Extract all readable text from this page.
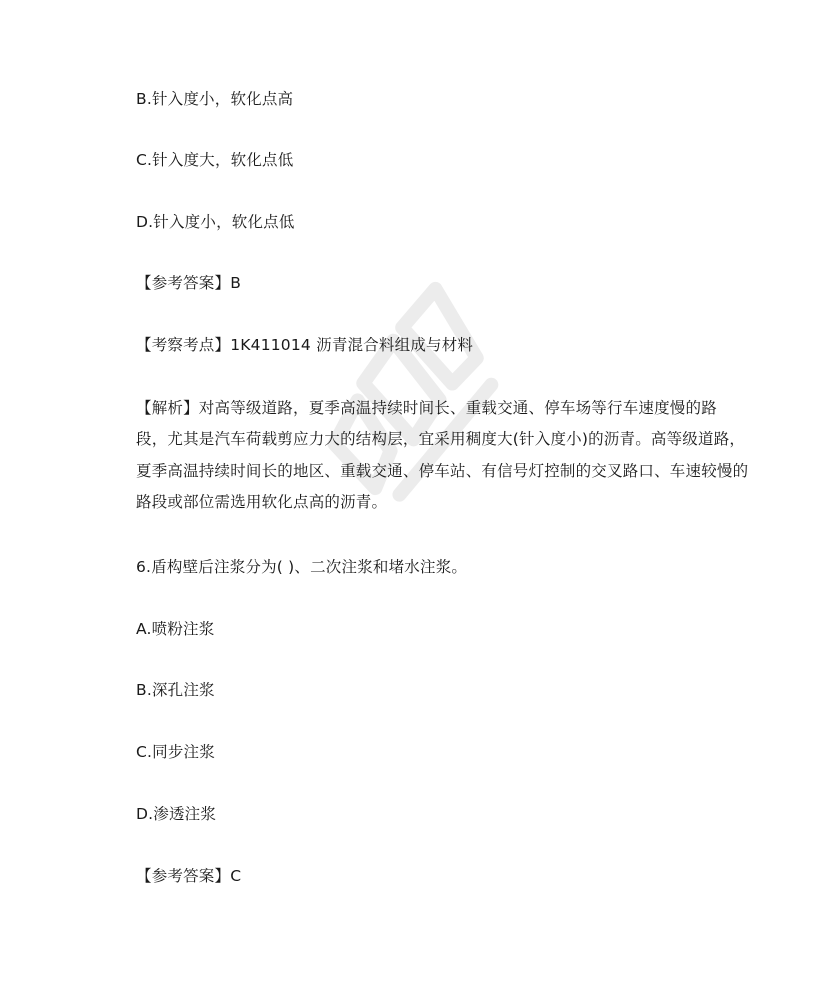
B.针入度小，软化点高
C.针入度大，软化点低
D.针入度小，软化点低
【参考答案】B
【考察考点】1K411014 沥青混合料组成与材料
【解析】对高等级道路，夏季高温持续时间长、重载交通、停车场等行车速度慢的路
段，尤其是汽车荷载剪应力大的结构层，宜采用稠度大(针入度小)的沥青。高等级道路，
夏季高温持续时间长的地区、重载交通、停车站、有信号灯控制的交叉路口、车速较慢的
路段或部位需选用软化点高的沥青。
6.盾构壁后注浆分为( )、二次注浆和堵水注浆。
A.喷粉注浆
B.深孔注浆
C.同步注浆
D.渗透注浆
【参考答案】C
